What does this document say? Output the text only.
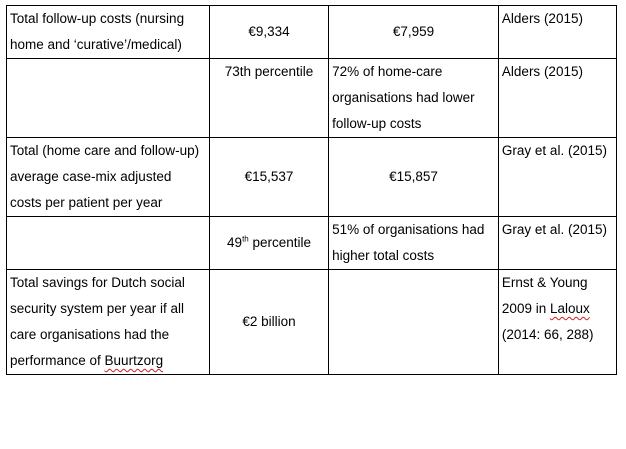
Total follow-up costs (nursing home and ‘curative’/medical)	€9,334	€7,959	Alders (2015)
	73th percentile	72% of home-care organisations had lower follow-up costs	Alders (2015)
Total (home care and follow-up) average case-mix adjusted costs per patient per year	€15,537	€15,857	Gray et al. (2015)
	49th percentile	51% of organisations had higher total costs	Gray et al. (2015)
Total savings for Dutch social security system per year if all care organisations had the performance of Buurtzorg	€2 billion		Ernst & Young 2009 in Laloux (2014: 66, 288)
